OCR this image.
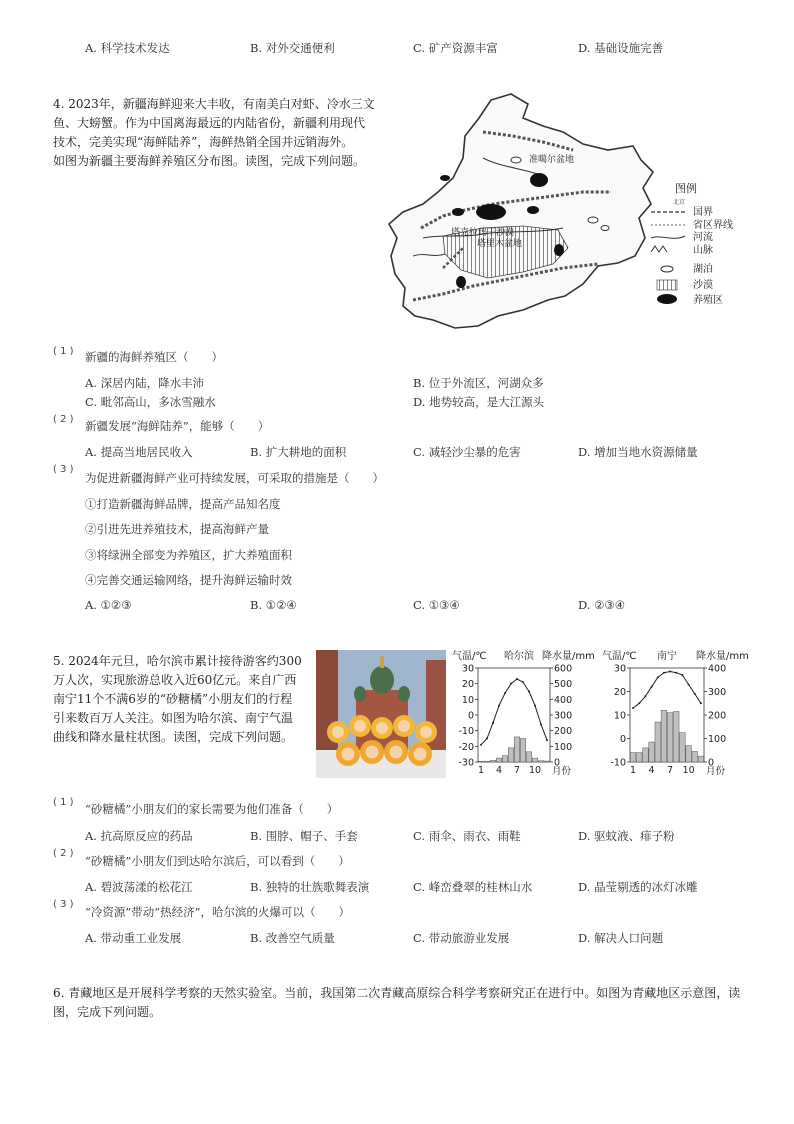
A. 科学技术发达	B. 对外交通便利	C. 矿产资源丰富	D. 基础设施完善
4. 2023年，新疆海鲜迎来大丰收，有南美白对虾、冷水三文
鱼、大螃蟹。作为中国离海最远的内陆省份，新疆利用现代
技术，完美实现“海鲜陆养”，海鲜热销全国并远销海外。
如图为新疆主要海鲜养殖区分布图。读图，完成下列问题。	准噶尔盆地
塔克拉玛干沙漠
塔里木盆地
图例
北京
国界
省区界线
河流
山脉
湖泊
沙漠
养殖区
( 1 ) 新疆的海鲜养殖区（　　）
A. 深居内陆，降水丰沛	B. 位于外流区，河湖众多
C. 毗邻高山，多冰雪融水	D. 地势较高，是大江源头
( 2 ) 新疆发展“海鲜陆养”，能够（　　）
A. 提高当地居民收入	B. 扩大耕地的面积	C. 减轻沙尘暴的危害	D. 增加当地水资源储量
( 3 )
为促进新疆海鲜产业可持续发展，可采取的措施是（　　）
①打造新疆海鲜品牌，提高产品知名度
②引进先进养殖技术，提高海鲜产量
③将绿洲全部变为养殖区，扩大养殖面积
④完善交通运输网络，提升海鲜运输时效
A. ①②③	B. ①②④	C. ①③④	D. ②③④
5. 2024年元旦，哈尔滨市累计接待游客约300
万人次，实现旅游总收入近60亿元。来自广西
南宁11个不满6岁的“砂糖橘”小朋友们的行程
引来数百万人关注。如图为哈尔滨、南宁气温
曲线和降水量柱状图。读图，完成下列问题。
气温/℃ 哈尔滨 降水量/mm
30
20
10
0
-10
-20
-30
600
500
400
300
200
100
0
1 4 7 10 月份
气温/℃ 南宁 降水量/mm
30
20
10
0
-10
400
300
200
100
0
1 4 7 10 月份
( 1 ) “砂糖橘”小朋友们的家长需要为他们准备（　　）
A. 抗高原反应的药品	B. 围脖、帽子、手套	C. 雨伞、雨衣、雨鞋	D. 驱蚊液、痱子粉
( 2 )
“砂糖橘”小朋友们到达哈尔滨后，可以看到（　　）
A. 碧波荡漾的松花江	B. 独特的壮族歌舞表演	C. 峰峦叠翠的桂林山水	D. 晶莹剔透的冰灯冰雕
( 3 )
“冷资源”带动“热经济”，哈尔滨的火爆可以（　　）
A. 带动重工业发展	B. 改善空气质量	C. 带动旅游业发展	D. 解决人口问题
6. 青藏地区是开展科学考察的天然实验室。当前，我国第二次青藏高原综合科学考察研究正在进行中。如图为青藏地区示意图，读
图，完成下列问题。
